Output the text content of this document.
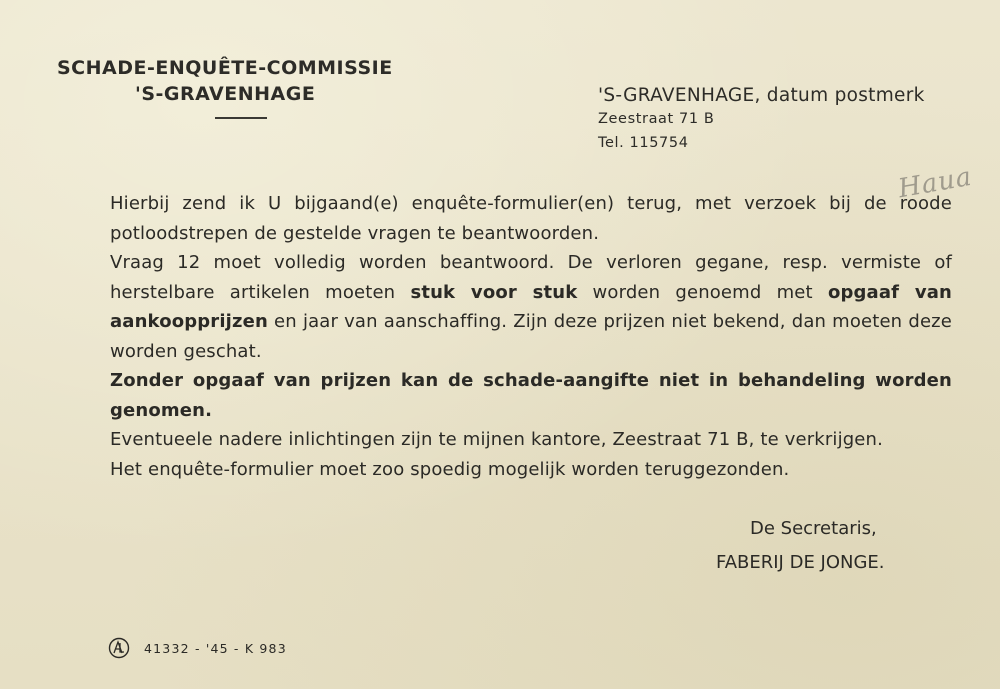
SCHADE-ENQUÊTE-COMMISSIE
'S-GRAVENHAGE	'S-GRAVENHAGE, datum postmerk
Zeestraat 71 B
Tel. 115754
Haua

Hierbij zend ik U bijgaand(e) enquête-formulier(en) terug, met verzoek bij de roode potloodstrepen de gestelde vragen te beantwoorden.

Vraag 12 moet volledig worden beantwoord. De verloren gegane, resp. vermiste of herstelbare artikelen moeten stuk voor stuk worden genoemd met opgaaf van aankoopprijzen en jaar van aanschaffing. Zijn deze prijzen niet bekend, dan moeten deze worden geschat.

Zonder opgaaf van prijzen kan de schade-aangifte niet in behandeling worden genomen.

Eventueele nadere inlichtingen zijn te mijnen kantore, Zeestraat 71 B, te verkrijgen.

Het enquête-formulier moet zoo spoedig mogelijk worden teruggezonden.

De Secretaris,
FABERIJ DE JONGE.
41332 - '45 - K 983
